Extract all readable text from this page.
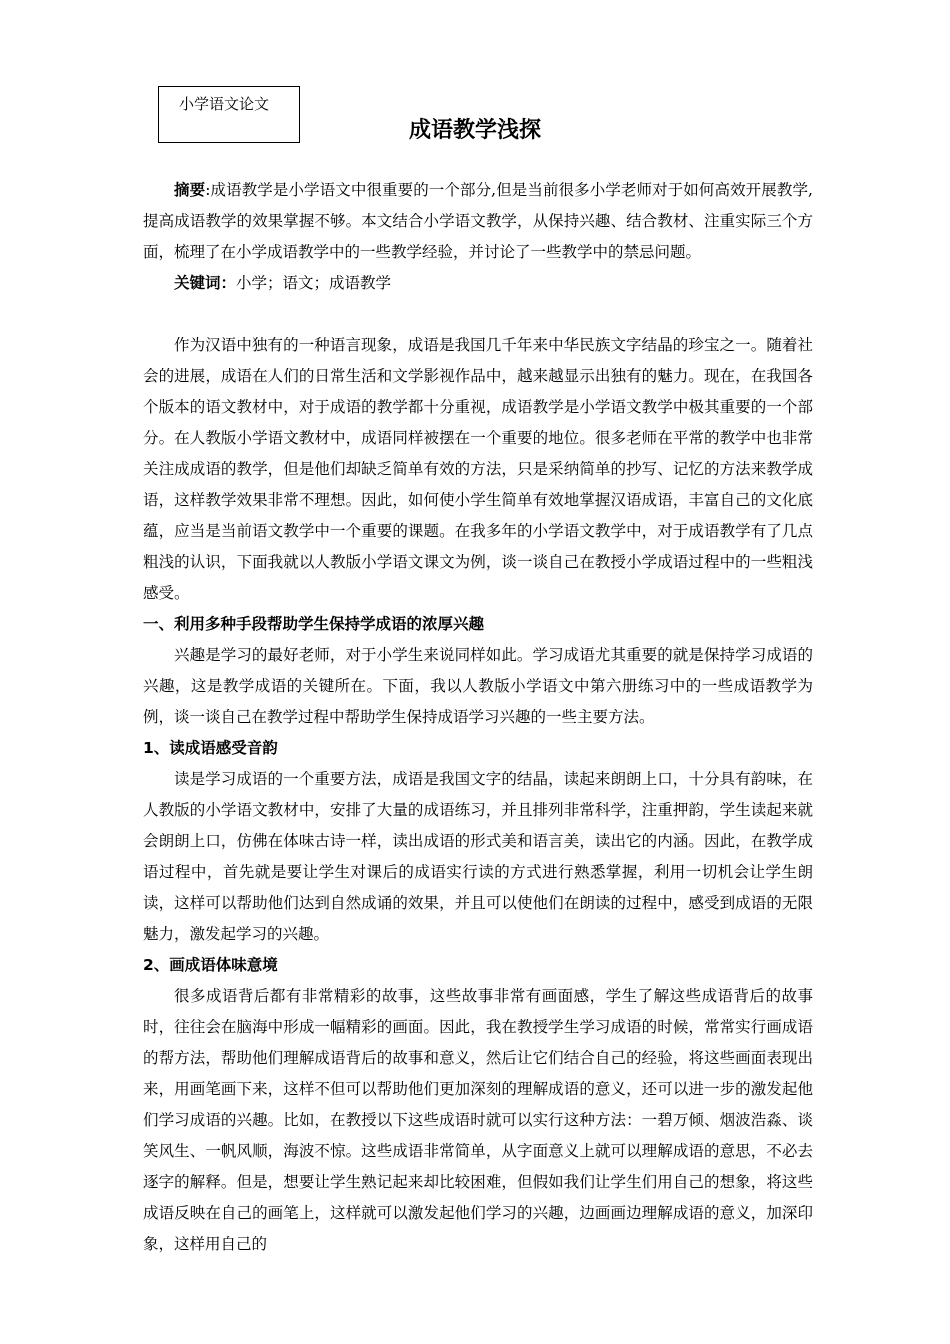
小学语文论文
成语教学浅探

摘要:成语教学是小学语文中很重要的一个部分,但是当前很多小学老师对于如何高效开展教学,提高成语教学的效果掌握不够。本文结合小学语文教学，从保持兴趣、结合教材、注重实际三个方面，梳理了在小学成语教学中的一些教学经验，并讨论了一些教学中的禁忌问题。

关键词：小学；语文；成语教学

作为汉语中独有的一种语言现象，成语是我国几千年来中华民族文字结晶的珍宝之一。随着社会的进展，成语在人们的日常生活和文学影视作品中，越来越显示出独有的魅力。现在，在我国各个版本的语文教材中，对于成语的教学都十分重视，成语教学是小学语文教学中极其重要的一个部分。在人教版小学语文教材中，成语同样被摆在一个重要的地位。很多老师在平常的教学中也非常关注成成语的教学，但是他们却缺乏简单有效的方法，只是采纳简单的抄写、记忆的方法来教学成语，这样教学效果非常不理想。因此，如何使小学生简单有效地掌握汉语成语，丰富自己的文化底蕴，应当是当前语文教学中一个重要的课题。在我多年的小学语文教学中，对于成语教学有了几点粗浅的认识，下面我就以人教版小学语文课文为例，谈一谈自己在教授小学成语过程中的一些粗浅感受。

一、利用多种手段帮助学生保持学成语的浓厚兴趣

兴趣是学习的最好老师，对于小学生来说同样如此。学习成语尤其重要的就是保持学习成语的兴趣，这是教学成语的关键所在。下面，我以人教版小学语文中第六册练习中的一些成语教学为例，谈一谈自己在教学过程中帮助学生保持成语学习兴趣的一些主要方法。

1、读成语感受音韵

读是学习成语的一个重要方法，成语是我国文字的结晶，读起来朗朗上口，十分具有韵味，在人教版的小学语文教材中，安排了大量的成语练习，并且排列非常科学，注重押韵，学生读起来就会朗朗上口，仿佛在体味古诗一样，读出成语的形式美和语言美，读出它的内涵。因此，在教学成语过程中，首先就是要让学生对课后的成语实行读的方式进行熟悉掌握，利用一切机会让学生朗读，这样可以帮助他们达到自然成诵的效果，并且可以使他们在朗读的过程中，感受到成语的无限魅力，激发起学习的兴趣。

2、画成语体味意境

很多成语背后都有非常精彩的故事，这些故事非常有画面感，学生了解这些成语背后的故事时，往往会在脑海中形成一幅精彩的画面。因此，我在教授学生学习成语的时候，常常实行画成语的帮方法，帮助他们理解成语背后的故事和意义，然后让它们结合自己的经验，将这些画面表现出来，用画笔画下来，这样不但可以帮助他们更加深刻的理解成语的意义，还可以进一步的激发起他们学习成语的兴趣。比如，在教授以下这些成语时就可以实行这种方法：一碧万倾、烟波浩淼、谈笑风生、一帆风顺，海波不惊。这些成语非常简单，从字面意义上就可以理解成语的意思，不必去逐字的解释。但是，想要让学生熟记起来却比较困难，但假如我们让学生们用自己的想象，将这些成语反映在自己的画笔上，这样就可以激发起他们学习的兴趣，边画画边理解成语的意义，加深印象，这样用自己的
